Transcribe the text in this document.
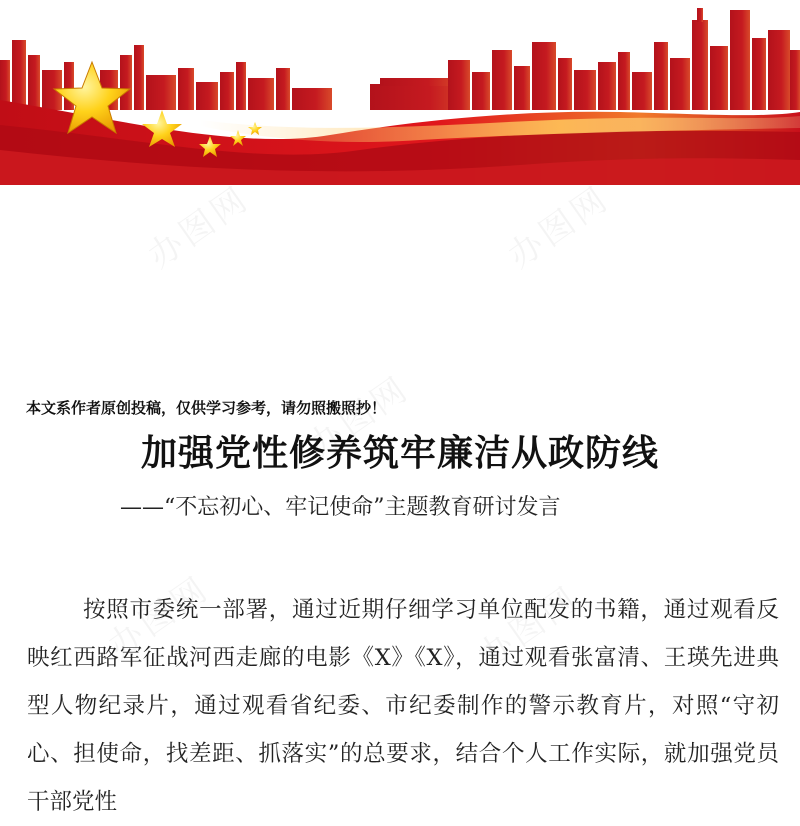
本文系作者原创投稿，仅供学习参考，请勿照搬照抄！
加强党性修养筑牢廉洁从政防线
——“不忘初心、牢记使命”主题教育研讨发言
按照市委统一部署，通过近期仔细学习单位配发的书籍，通过观看反映红西路军征战河西走廊的电影《X》《X》，通过观看张富清、王瑛先进典型人物纪录片，通过观看省纪委、市纪委制作的警示教育片，对照“守初心、担使命，找差距、抓落实”的总要求，结合个人工作实际，就加强党员干部党性
